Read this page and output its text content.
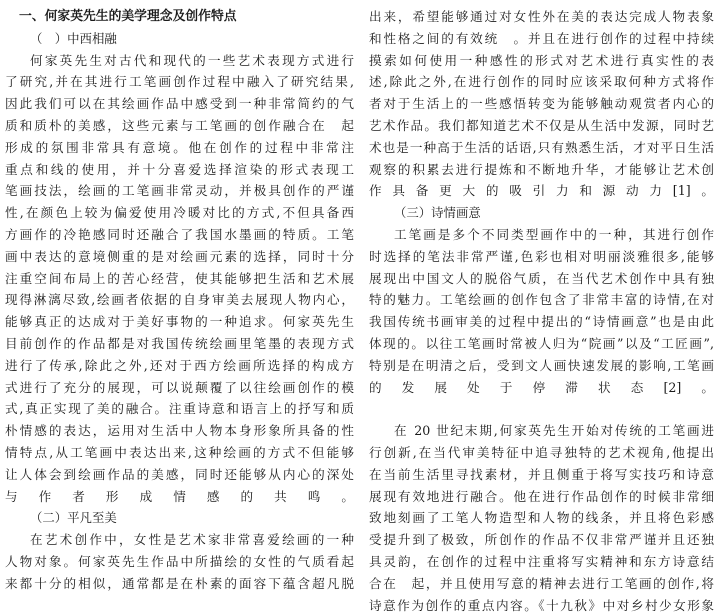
一、何家英先生的美学理念及创作特点
（　）中西相融
何家英先生对古代和现代的一些艺术表现方式进行
了研究,并在其进行工笔画创作过程中融入了研究结果,
因此我们可以在其绘画作品中感受到一种非常简约的气
质和质朴的美感，这些元素与工笔画的创作融合在　起
形成的氛围非常具有意境。他在创作的过程中非常注
重点和线的使用，并十分喜爱选择渲染的形式表现工
笔画技法，绘画的工笔画非常灵动，并极具创作的严谨
性,在颜色上较为偏爱使用冷暖对比的方式,不但具备西
方画作的冷艳感同时还融合了我国水墨画的特质。工笔
画中表达的意境侧重的是对绘画元素的选择，同时十分
注重空间布局上的苦心经营，使其能够把生活和艺术展
现得淋漓尽致,绘画者依据的自身审美去展现人物内心，
能够真正的达成对于美好事物的一种追求。何家英先生
目前创作的作品都是对我国传统绘画里笔墨的表现方式
进行了传承,除此之外,还对于西方绘画所选择的构成方
式进行了充分的展现，可以说颠覆了以往绘画创作的模
式,真正实现了美的融合。注重诗意和语言上的抒写和质
朴情感的表达，运用对生活中人物本身形象所具备的性
情特点,从工笔画中表达出来,这种绘画的方式不但能够
让人体会到绘画作品的美感，同时还能够从内心的深处
与作者形成情感的共鸣。
（二）平凡至美
在艺术创作中，女性是艺术家非常喜爱绘画的一种
人物对象。何家英先生作品中所描绘的女性的气质看起
来都十分的相似，通常都是在朴素的面容下蕴含超凡脱
出来，希望能够通过对女性外在美的表达完成人物表象
和性格之间的有效统　。并且在进行创作的过程中持续
摸索如何使用一种感性的形式对艺术进行真实性的表
述,除此之外,在进行创作的同时应该采取何种方式将作
者对于生活上的一些感悟转变为能够触动观赏者内心的
艺术作品。我们都知道艺术不仅是从生活中发源，同时艺
术也是一种高于生活的话语,只有熟悉生活，才对平日生活
观察的积累去进行提炼和不断地升华，才能够让艺术创
作具备更大的吸引力和源动力[1]。
（三）诗情画意
工笔画是多个不同类型画作中的一种，其进行创作
时选择的笔法非常严谨,色彩也相对明丽淡雅很多,能够
展现出中国文人的脱俗气质，在当代艺术创作中具有独
特的魅力。工笔绘画的创作包含了非常丰富的诗情,在对
我国传统书画审美的过程中提出的“诗情画意”也是由此
体现的。以往工笔画时常被人归为“院画”以及“工匠画”,
特别是在明清之后，受到文人画快速发展的影响,工笔画
的发展处于停滞状态[2]。
在 20 世纪末期,何家英先生开始对传统的工笔画进
行创新,在当代审美特征中追寻独特的艺术视角,他提出
在当前生活里寻找素材，并且侧重于将写实技巧和诗意
展现有效地进行融合。他在进行作品创作的时候非常细
致地刻画了工笔人物造型和人物的线条，并且将色彩感
受提升到了极致，所创作的作品不仅非常严谨并且还独
具灵韵，在创作的过程中注重将写实精神和东方诗意结
合在　起，并且使用写意的精神去进行工笔画的创作,将
诗意作为创作的重点内容。《十九秋》中对乡村少女形象
